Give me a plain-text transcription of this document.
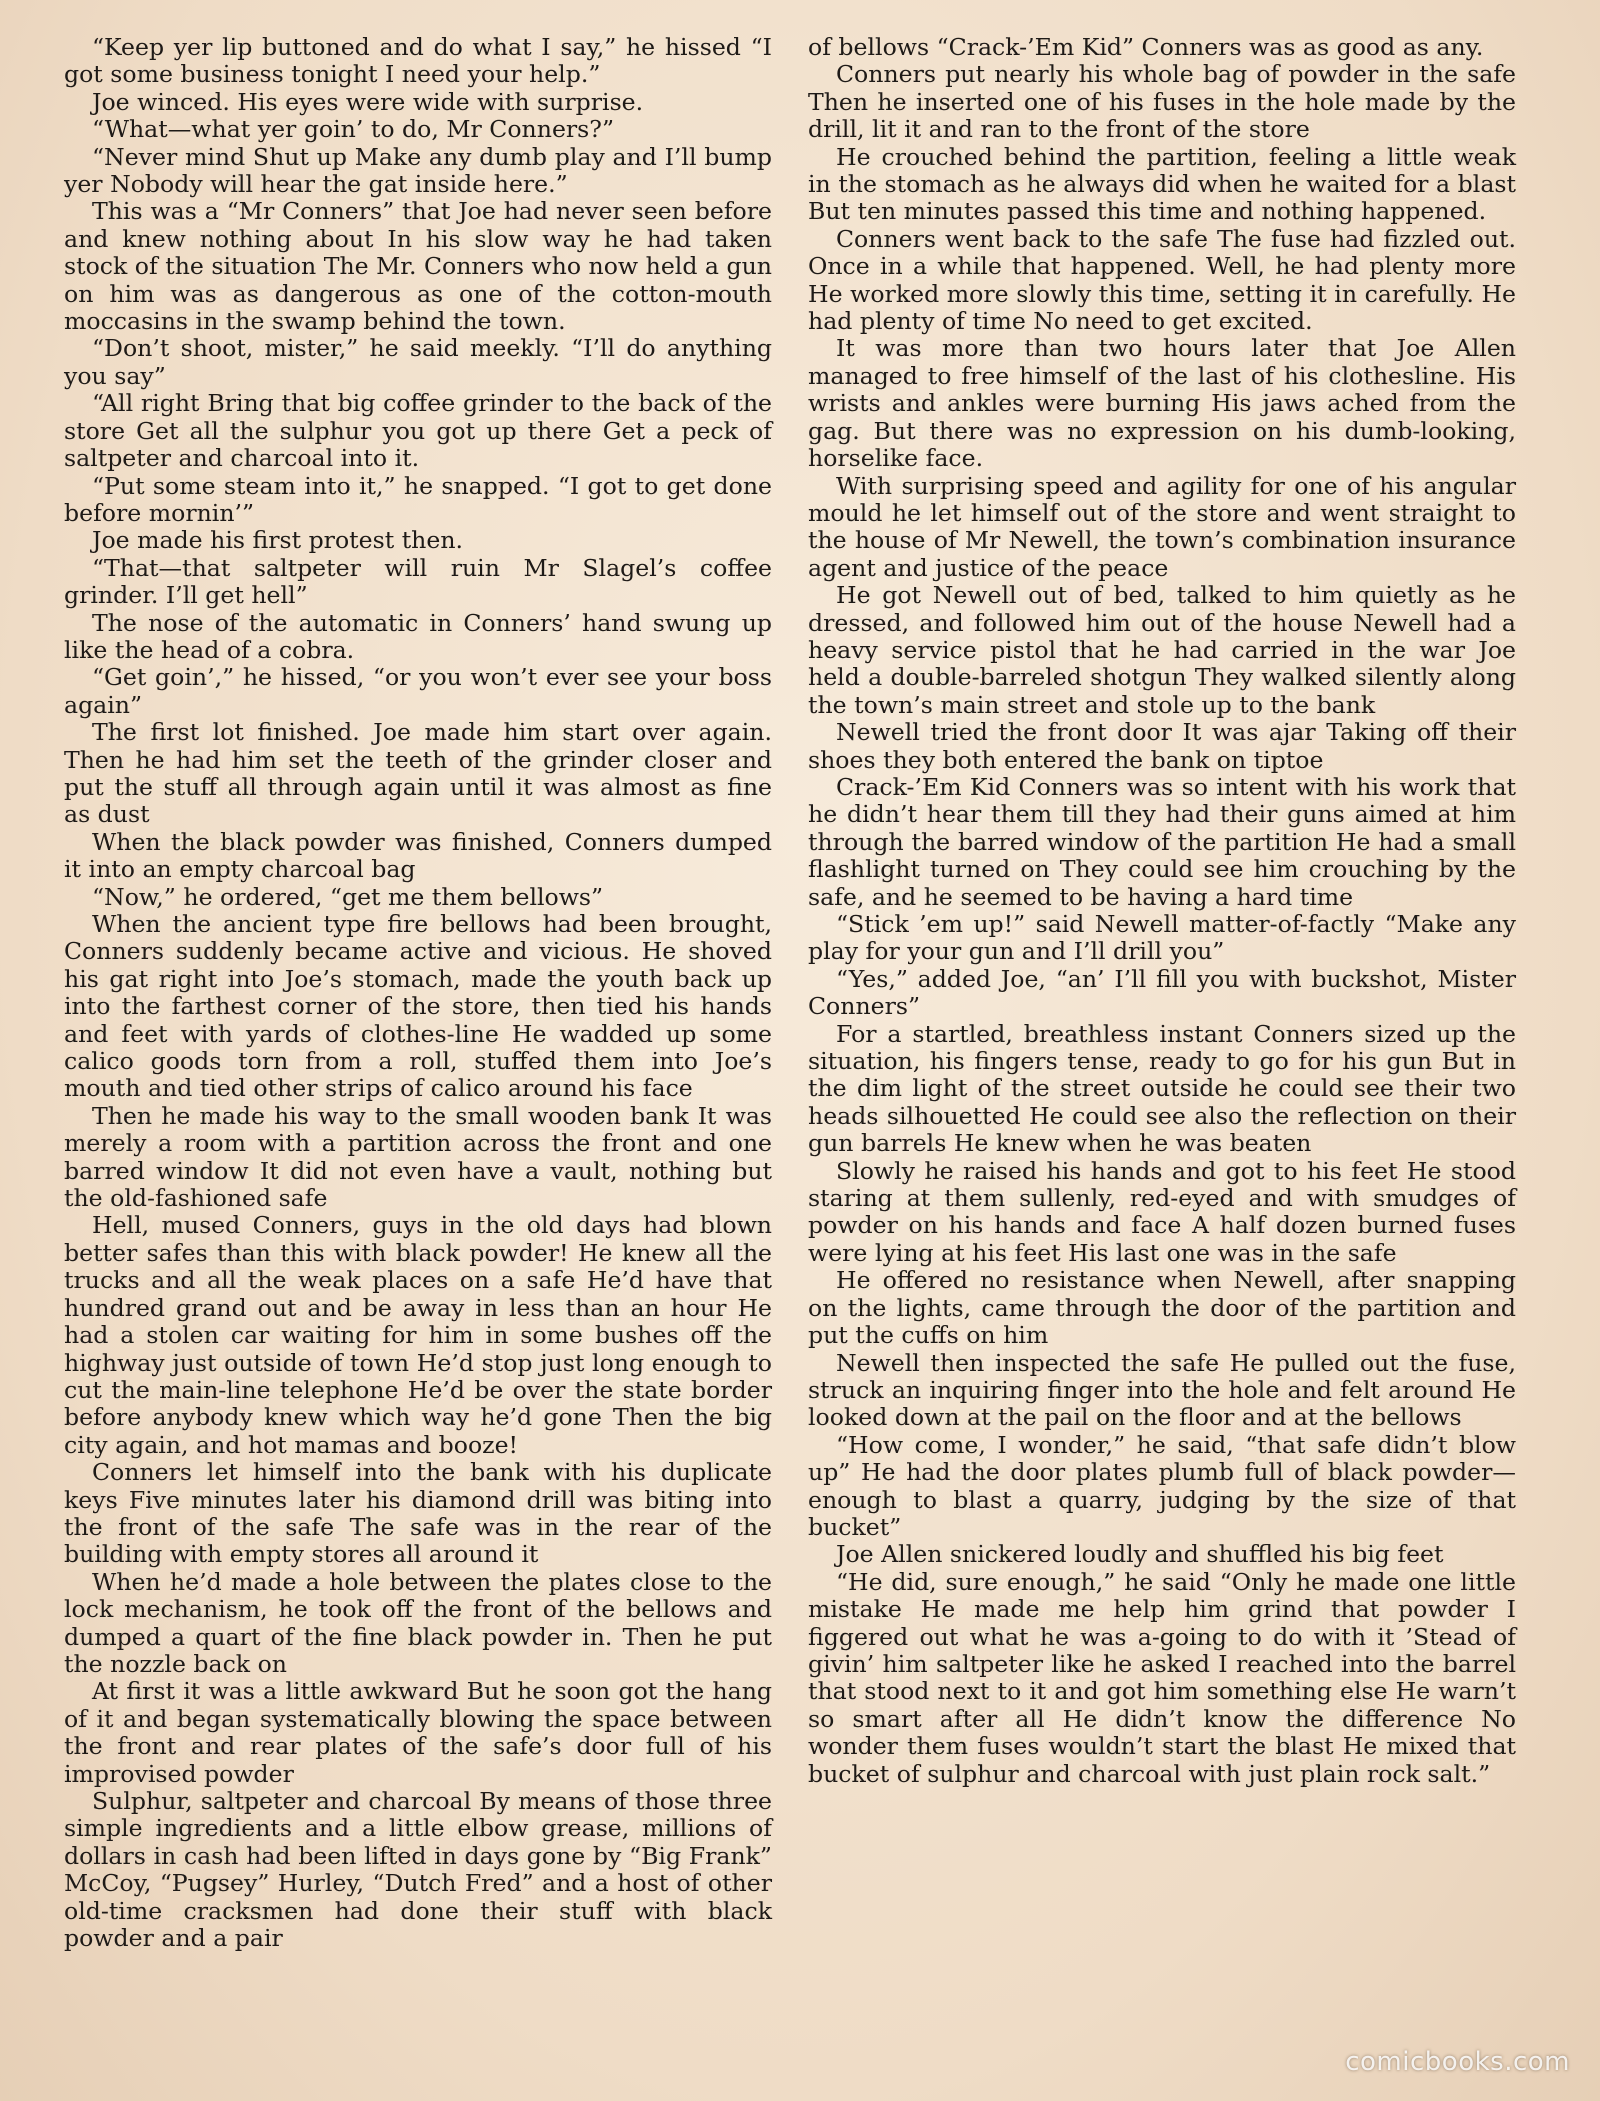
“Keep yer lip buttoned and do what I say,” he hissed “I got some business tonight I need your help.”

Joe winced. His eyes were wide with surprise.

“What—what yer goin’ to do, Mr Conners?”

“Never mind Shut up Make any dumb play and I’ll bump yer Nobody will hear the gat inside here.”

This was a “Mr Conners” that Joe had never seen before and knew nothing about In his slow way he had taken stock of the situation The Mr. Conners who now held a gun on him was as dangerous as one of the cotton-mouth moccasins in the swamp behind the town.

“Don’t shoot, mister,” he said meekly. “I’ll do anything you say”

“All right Bring that big coffee grinder to the back of the store Get all the sulphur you got up there Get a peck of saltpeter and charcoal into it.

“Put some steam into it,” he snapped. “I got to get done before mornin’”

Joe made his first protest then.

“That—that saltpeter will ruin Mr Slagel’s coffee grinder. I’ll get hell”

The nose of the automatic in Conners’ hand swung up like the head of a cobra.

“Get goin’,” he hissed, “or you won’t ever see your boss again”

The first lot finished. Joe made him start over again. Then he had him set the teeth of the grinder closer and put the stuff all through again until it was almost as fine as dust

When the black powder was finished, Conners dumped it into an empty charcoal bag

“Now,” he ordered, “get me them bellows”

When the ancient type fire bellows had been brought, Conners suddenly became active and vicious. He shoved his gat right into Joe’s stomach, made the youth back up into the farthest corner of the store, then tied his hands and feet with yards of clothes-line He wadded up some calico goods torn from a roll, stuffed them into Joe’s mouth and tied other strips of calico around his face

Then he made his way to the small wooden bank It was merely a room with a partition across the front and one barred window It did not even have a vault, nothing but the old-fashioned safe

Hell, mused Conners, guys in the old days had blown better safes than this with black powder! He knew all the trucks and all the weak places on a safe He’d have that hundred grand out and be away in less than an hour He had a stolen car waiting for him in some bushes off the highway just outside of town He’d stop just long enough to cut the main-line telephone He’d be over the state border before anybody knew which way he’d gone Then the big city again, and hot mamas and booze!

Conners let himself into the bank with his duplicate keys Five minutes later his diamond drill was biting into the front of the safe The safe was in the rear of the building with empty stores all around it

When he’d made a hole between the plates close to the lock mechanism, he took off the front of the bellows and dumped a quart of the fine black powder in. Then he put the nozzle back on

At first it was a little awkward But he soon got the hang of it and began systematically blowing the space between the front and rear plates of the safe’s door full of his improvised powder

Sulphur, saltpeter and charcoal By means of those three simple ingredients and a little elbow grease, millions of dollars in cash had been lifted in days gone by “Big Frank” McCoy, “Pugsey” Hurley, “Dutch Fred” and a host of other old-time cracksmen had done their stuff with black powder and a pair

of bellows “Crack-’Em Kid” Conners was as good as any.

Conners put nearly his whole bag of powder in the safe Then he inserted one of his fuses in the hole made by the drill, lit it and ran to the front of the store

He crouched behind the partition, feeling a little weak in the stomach as he always did when he waited for a blast But ten minutes passed this time and nothing happened.

Conners went back to the safe The fuse had fizzled out. Once in a while that happened. Well, he had plenty more He worked more slowly this time, setting it in carefully. He had plenty of time No need to get excited.

It was more than two hours later that Joe Allen managed to free himself of the last of his clothesline. His wrists and ankles were burning His jaws ached from the gag. But there was no expression on his dumb-looking, horselike face.

With surprising speed and agility for one of his angular mould he let himself out of the store and went straight to the house of Mr Newell, the town’s combination insurance agent and justice of the peace

He got Newell out of bed, talked to him quietly as he dressed, and followed him out of the house Newell had a heavy service pistol that he had carried in the war Joe held a double-barreled shotgun They walked silently along the town’s main street and stole up to the bank

Newell tried the front door It was ajar Taking off their shoes they both entered the bank on tiptoe

Crack-’Em Kid Conners was so intent with his work that he didn’t hear them till they had their guns aimed at him through the barred window of the partition He had a small flashlight turned on They could see him crouching by the safe, and he seemed to be having a hard time

“Stick ’em up!” said Newell matter-of-factly “Make any play for your gun and I’ll drill you”

“Yes,” added Joe, “an’ I’ll fill you with buckshot, Mister Conners”

For a startled, breathless instant Conners sized up the situation, his fingers tense, ready to go for his gun But in the dim light of the street outside he could see their two heads silhouetted He could see also the reflection on their gun barrels He knew when he was beaten

Slowly he raised his hands and got to his feet He stood staring at them sullenly, red-eyed and with smudges of powder on his hands and face A half dozen burned fuses were lying at his feet His last one was in the safe

He offered no resistance when Newell, after snapping on the lights, came through the door of the partition and put the cuffs on him

Newell then inspected the safe He pulled out the fuse, struck an inquiring finger into the hole and felt around He looked down at the pail on the floor and at the bellows

“How come, I wonder,” he said, “that safe didn’t blow up” He had the door plates plumb full of black powder—enough to blast a quarry, judging by the size of that bucket”

Joe Allen snickered loudly and shuffled his big feet

“He did, sure enough,” he said “Only he made one little mistake He made me help him grind that powder I figgered out what he was a-going to do with it ’Stead of givin’ him saltpeter like he asked I reached into the barrel that stood next to it and got him something else He warn’t so smart after all He didn’t know the difference No wonder them fuses wouldn’t start the blast He mixed that bucket of sulphur and charcoal with just plain rock salt.”

comicbooks.com
